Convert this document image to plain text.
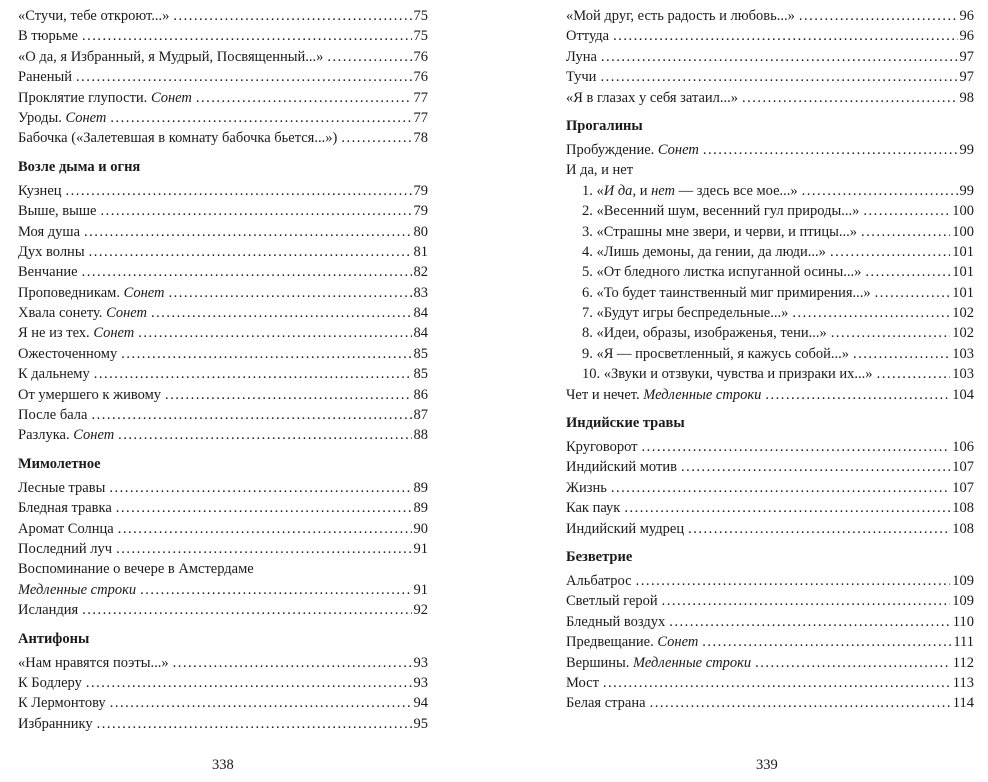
«Стучи, тебе откроют...» .....	75
В тюрьме .....	75
«О да, я Избранный, я Мудрый, Посвященный...» .....	76
Раненый .....	76
Проклятие глупости. Сонет .....	77
Уроды. Сонет .....	77
Бабочка («Залетевшая в комнату бабочка бьется...») .....	78
Возле дыма и огня
Кузнец .....	79
Выше, выше .....	79
Моя душа .....	80
Дух волны .....	81
Венчание .....	82
Проповедникам. Сонет .....	83
Хвала сонету. Сонет .....	84
Я не из тех. Сонет .....	84
Ожесточенному .....	85
К дальнему .....	85
От умершего к живому .....	86
После бала .....	87
Разлука. Сонет .....	88
Мимолетное
Лесные травы .....	89
Бледная травка .....	89
Аромат Солнца .....	90
Последний луч .....	91
Воспоминание о вечере в Амстердаме
Медленные строки .....	91
Исландия .....	92
Антифоны
«Нам нравятся поэты...» .....	93
К Бодлеру .....	93
К Лермонтову .....	94
Избраннику .....	95
338
«Мой друг, есть радость и любовь...» .....	96
Оттуда .....	96
Луна .....	97
Тучи .....	97
«Я в глазах у себя затаил...» .....	98
Прогалины
Пробуждение. Сонет .....	99
И да, и нет
1. «И да, и нет — здесь все мое...» .....	99
2. «Весенний шум, весенний гул природы...» .....	100
3. «Страшны мне звери, и черви, и птицы...» .....	100
4. «Лишь демоны, да гении, да люди...» .....	101
5. «От бледного листка испуганной осины...» .....	101
6. «То будет таинственный миг примирения...» .....	101
7. «Будут игры беспредельные...» .....	102
8. «Идеи, образы, изображенья, тени...» .....	102
9. «Я — просветленный, я кажусь собой...» .....	103
10. «Звуки и отзвуки, чувства и призраки их...» .....	103
Чет и нечет. Медленные строки .....	104
Индийские травы
Круговорот .....	106
Индийский мотив .....	107
Жизнь .....	107
Как паук .....	108
Индийский мудрец .....	108
Безветрие
Альбатрос .....	109
Светлый герой .....	109
Бледный воздух .....	110
Предвещание. Сонет .....	111
Вершины. Медленные строки .....	112
Мост .....	113
Белая страна .....	114
339
